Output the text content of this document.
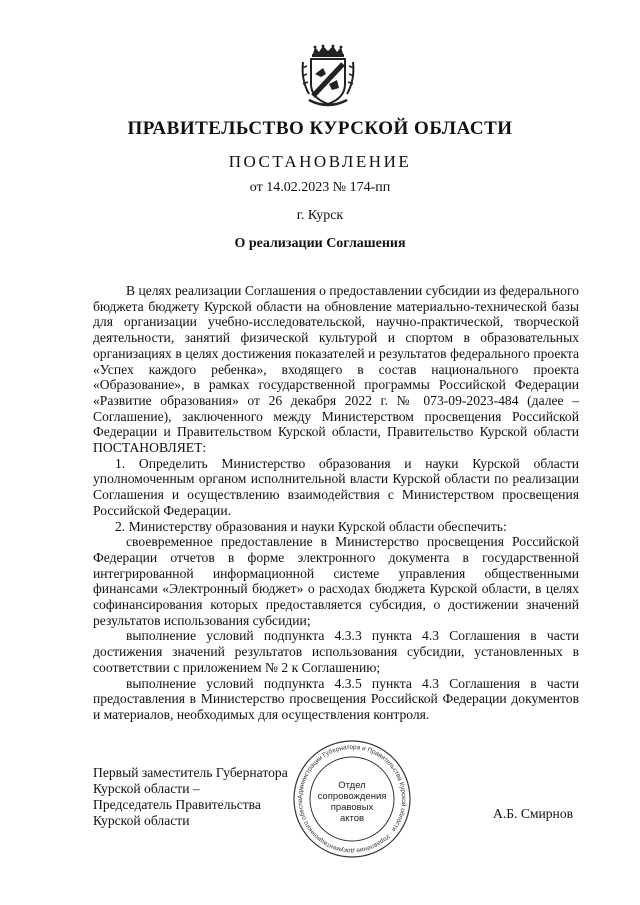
ПРАВИТЕЛЬСТВО КУРСКОЙ ОБЛАСТИ
ПОСТАНОВЛЕНИЕ
от 14.02.2023 № 174-пп
г. Курск
О реализации Соглашения

В целях реализации Соглашения о предоставлении субсидии из федерального бюджета бюджету Курской области на обновление материально-технической базы для организации учебно-исследовательской, научно-практической, творческой деятельности, занятий физической культурой и спортом в образовательных организациях в целях достижения показателей и результатов федерального проекта «Успех каждого ребенка», входящего в состав национального проекта «Образование», в рамках государственной программы Российской Федерации «Развитие образования» от 26 декабря 2022 г. № 073-09-2023-484 (далее – Соглашение), заключенного между Министерством просвещения Российской Федерации и Правительством Курской области, Правительство Курской области ПОСТАНОВЛЯЕТ:

1. Определить Министерство образования и науки Курской области уполномоченным органом исполнительной власти Курской области по реализации Соглашения и осуществлению взаимодействия с Министерством просвещения Российской Федерации.

2. Министерству образования и науки Курской области обеспечить:

своевременное предоставление в Министерство просвещения Российской Федерации отчетов в форме электронного документа в государственной интегрированной информационной системе управления общественными финансами «Электронный бюджет» о расходах бюджета Курской области, в целях софинансирования которых предоставляется субсидия, о достижении значений результатов использования субсидии;

выполнение условий подпункта 4.3.3 пункта 4.3 Соглашения в части достижения значений результатов использования субсидии, установленных в соответствии с приложением № 2 к Соглашению;

выполнение условий подпункта 4.3.5 пункта 4.3 Соглашения в части предоставления в Министерство просвещения Российской Федерации документов и материалов, необходимых для осуществления контроля.

Администрации Губернатора и Правительства Курской области · Управление документационного обеспе
Отдел
сопровождения
правовых
актов
Первый заместитель Губернатора
Курской области –
Председатель Правительства
Курской области	А.Б. Смирнов
